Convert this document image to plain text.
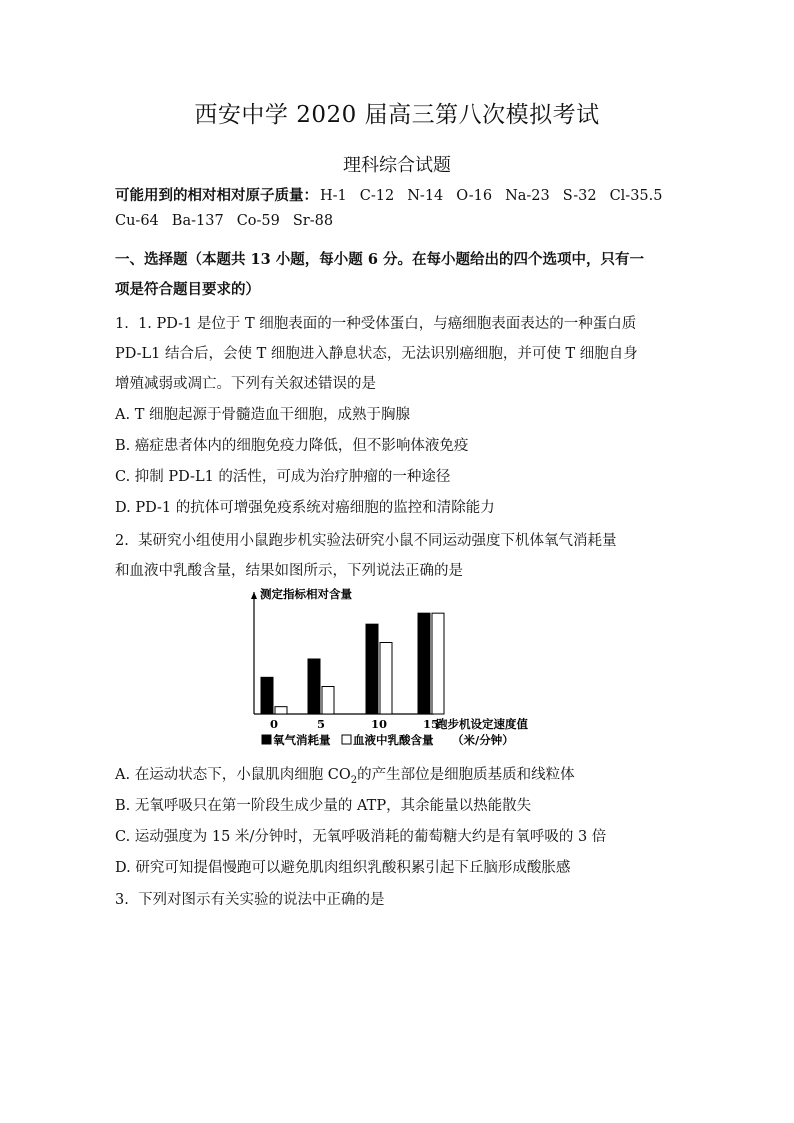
西安中学 2020 届高三第八次模拟考试
理科综合试题
可能用到的相对相对原子质量： H-1 C-12 N-14 O-16 Na-23 S-32 Cl-35.5
Cu-64 Ba-137 Co-59 Sr-88
一、选择题（本题共 13 小题，每小题 6 分。在每小题给出的四个选项中，只有一
项是符合题目要求的）
1. 1. PD-1 是位于 T 细胞表面的一种受体蛋白，与癌细胞表面表达的一种蛋白质
PD-L1 结合后，会使 T 细胞进入静息状态，无法识别癌细胞，并可使 T 细胞自身
增殖减弱或凋亡。下列有关叙述错误的是
A. T 细胞起源于骨髓造血干细胞，成熟于胸腺
B. 癌症患者体内的细胞免疫力降低，但不影响体液免疫
C. 抑制 PD-L1 的活性，可成为治疗肿瘤的一种途径
D. PD-1 的抗体可增强免疫系统对癌细胞的监控和清除能力
2. 某研究小组使用小鼠跑步机实验法研究小鼠不同运动强度下机体氧气消耗量
和血液中乳酸含量，结果如图所示，下列说法正确的是
测定指标相对含量
跑步机设定速度值
0	5	10	15
氧气消耗量 血液中乳酸含量 （米/分钟）
A. 在运动状态下，小鼠肌肉细胞 $CO_2$的产生部位是细胞质基质和线粒体
B. 无氧呼吸只在第一阶段生成少量的 ATP，其余能量以热能散失
C. 运动强度为 15 米/分钟时，无氧呼吸消耗的葡萄糖大约是有氧呼吸的 3 倍
D. 研究可知提倡慢跑可以避免肌肉组织乳酸积累引起下丘脑形成酸胀感
3. 下列对图示有关实验的说法中正确的是
